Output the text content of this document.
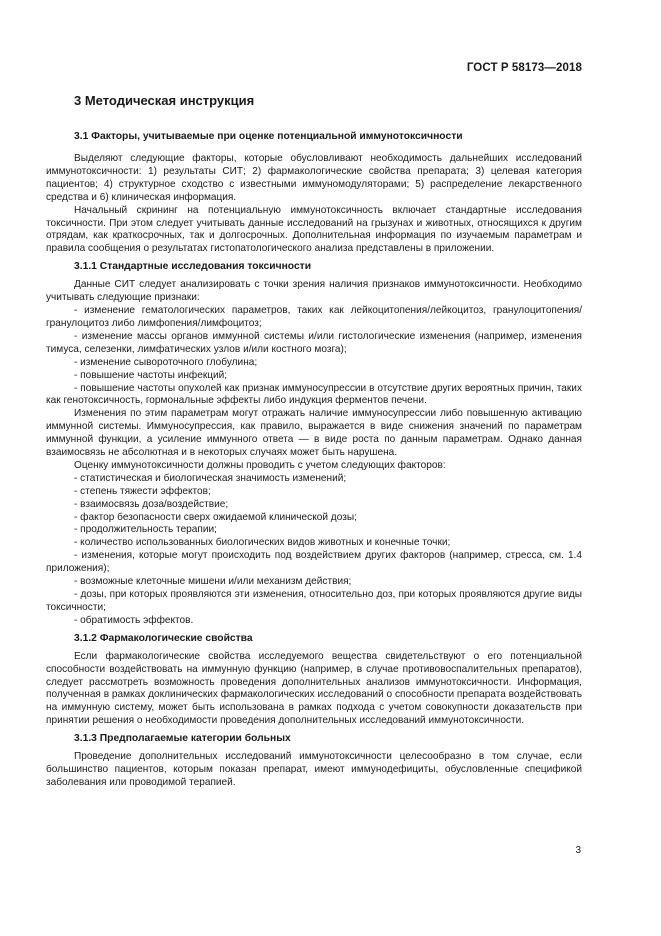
ГОСТ Р 58173—2018
3 Методическая инструкция
3.1 Факторы, учитываемые при оценке потенциальной иммунотоксичности

Выделяют следующие факторы, которые обусловливают необходимость дальнейших исследований иммунотоксичности: 1) результаты СИТ; 2) фармакологические свойства препарата; 3) целевая категория пациентов; 4) структурное сходство с известными иммуномодуляторами; 5) распределение лекарственного средства и 6) клиническая информация.

Начальный скрининг на потенциальную иммунотоксичность включает стандартные исследования токсичности. При этом следует учитывать данные исследований на грызунах и животных, относящихся к другим отрядам, как краткосрочных, так и долгосрочных. Дополнительная информация по изучаемым параметрам и правила сообщения о результатах гистопатологического анализа представлены в приложении.

3.1.1 Стандартные исследования токсичности

Данные СИТ следует анализировать с точки зрения наличия признаков иммунотоксичности. Необходимо учитывать следующие признаки:

- изменение гематологических параметров, таких как лейкоцитопения/лейкоцитоз, гранулоцитопения/гранулоцитоз либо лимфопения/лимфоцитоз;

- изменение массы органов иммунной системы и/или гистологические изменения (например, изменения тимуса, селезенки, лимфатических узлов и/или костного мозга);

- изменение сывороточного глобулина;

- повышение частоты инфекций;

- повышение частоты опухолей как признак иммуносупрессии в отсутствие других вероятных причин, таких как генотоксичность, гормональные эффекты либо индукция ферментов печени.

Изменения по этим параметрам могут отражать наличие иммуносупрессии либо повышенную активацию иммунной системы. Иммуносупрессия, как правило, выражается в виде снижения значений по параметрам иммунной функции, а усиление иммунного ответа — в виде роста по данным параметрам. Однако данная взаимосвязь не абсолютная и в некоторых случаях может быть нарушена.

Оценку иммунотоксичности должны проводить с учетом следующих факторов:

- статистическая и биологическая значимость изменений;

- степень тяжести эффектов;

- взаимосвязь доза/воздействие;

- фактор безопасности сверх ожидаемой клинической дозы;

- продолжительность терапии;

- количество использованных биологических видов животных и конечные точки;

- изменения, которые могут происходить под воздействием других факторов (например, стресса, см. 1.4 приложения);

- возможные клеточные мишени и/или механизм действия;

- дозы, при которых проявляются эти изменения, относительно доз, при которых проявляются другие виды токсичности;

- обратимость эффектов.

3.1.2 Фармакологические свойства

Если фармакологические свойства исследуемого вещества свидетельствуют о его потенциальной способности воздействовать на иммунную функцию (например, в случае противовоспалительных препаратов), следует рассмотреть возможность проведения дополнительных анализов иммунотоксичности. Информация, полученная в рамках доклинических фармакологических исследований о способности препарата воздействовать на иммунную систему, может быть использована в рамках подхода с учетом совокупности доказательств при принятии решения о необходимости проведения дополнительных исследований иммунотоксичности.

3.1.3 Предполагаемые категории больных

Проведение дополнительных исследований иммунотоксичности целесообразно в том случае, если большинство пациентов, которым показан препарат, имеют иммунодефициты, обусловленные спецификой заболевания или проводимой терапией.

3
